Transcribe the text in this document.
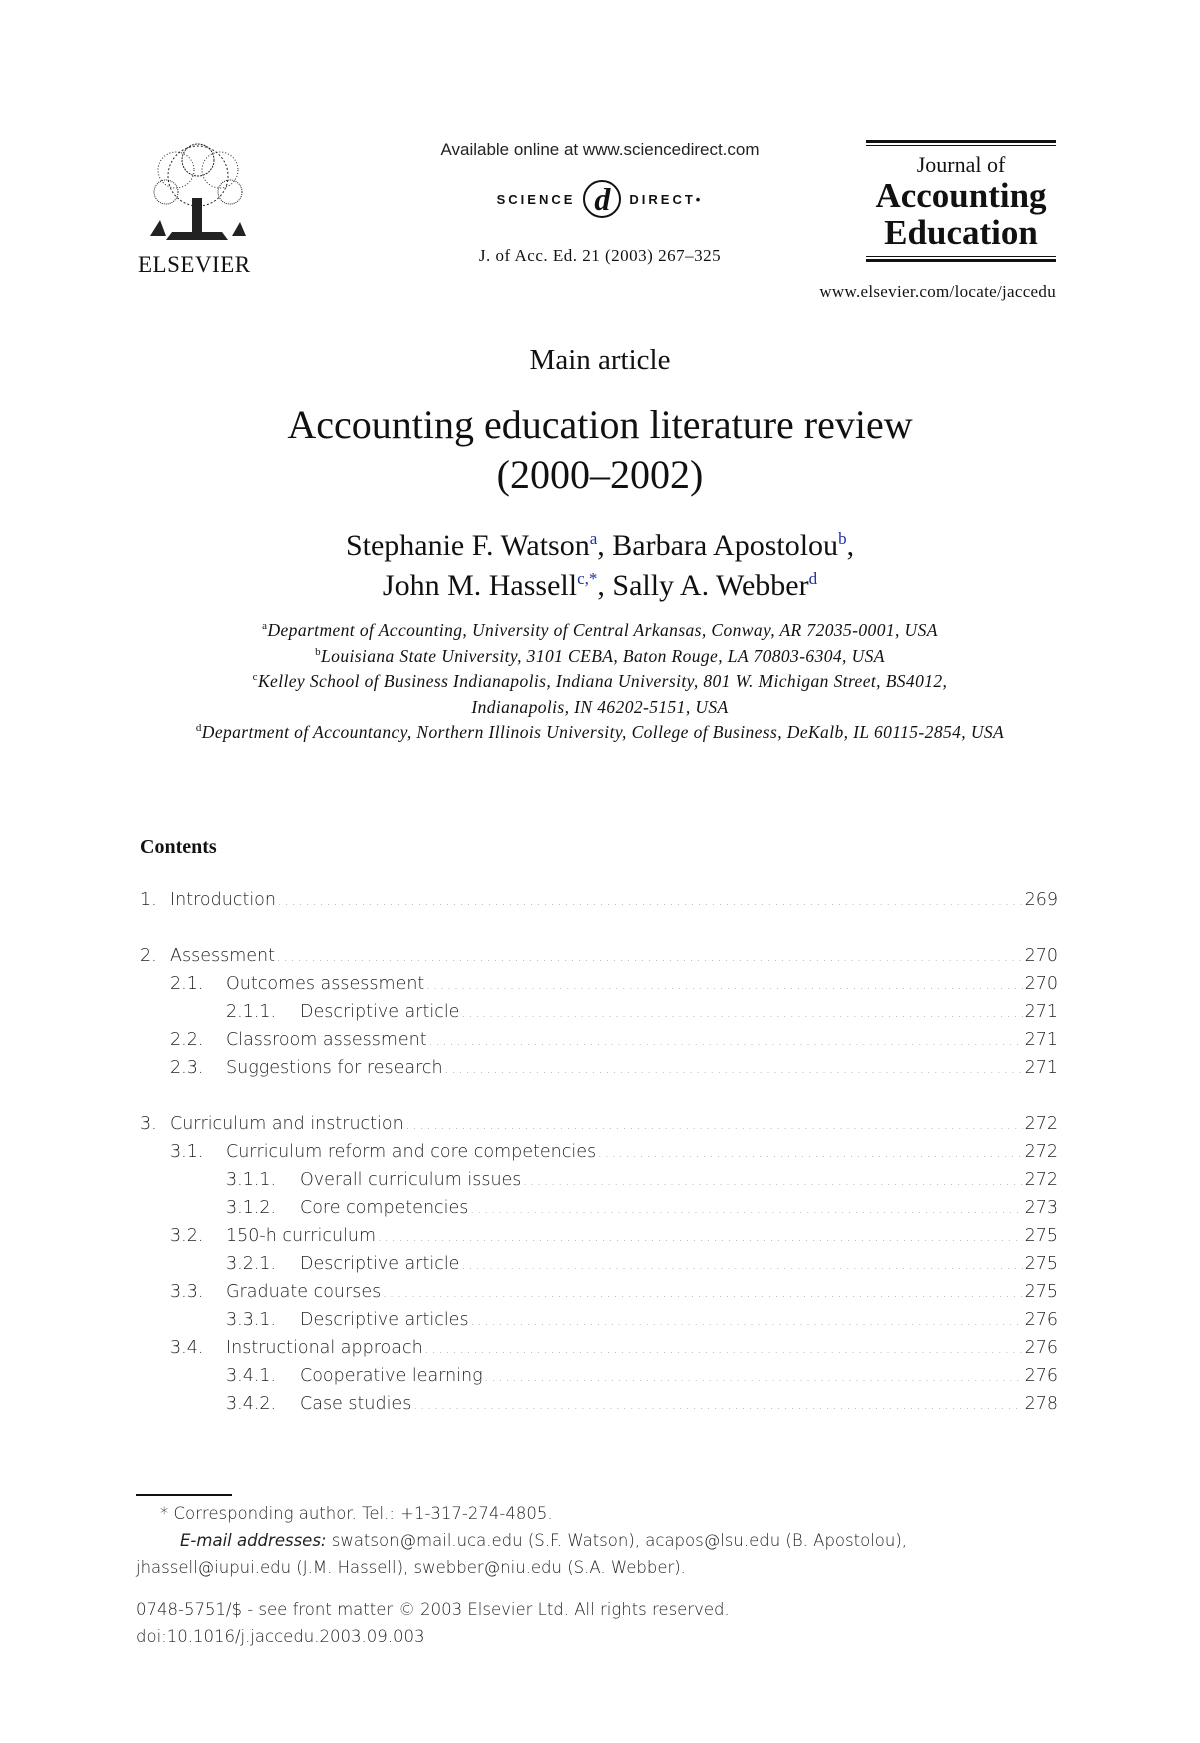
ELSEVIER
Available online at www.sciencedirect.com
SCIENCE d	DIRECT•
J. of Acc. Ed. 21 (2003) 267–325
Journal of
Accounting
Education
www.elsevier.com/locate/jaccedu
Main article
Accounting education literature review
(2000–2002)
Stephanie F. Watson$^a$, Barbara Apostolou$^b$,
John M. Hassell$^{c,*}$, Sally A. Webber$^d$
$^a$Department of Accounting, University of Central Arkansas, Conway, AR 72035-0001, USA
$^b$Louisiana State University, 3101 CEBA, Baton Rouge, LA 70803-6304, USA
$^c$Kelley School of Business Indianapolis, Indiana University, 801 W. Michigan Street, BS4012,
Indianapolis, IN 46202-5151, USA
$^d$Department of Accountancy, Northern Illinois University, College of Business, DeKalb, IL 60115-2854, USA
Contents
1. Introduction . . .	269
2. Assessment . . .	270
2.1.	Outcomes assessment . . .	270
2.1.1.	Descriptive article . . .	271
2.2.	Classroom assessment . . .	271
2.3.	Suggestions for research . . .	271
3. Curriculum and instruction . . .	272
3.1.	Curriculum reform and core competencies . . .	272
3.1.1.	Overall curriculum issues . . .	272
3.1.2.	Core competencies . . .	273
3.2.	150-h curriculum . . .	275
3.2.1.	Descriptive article . . .	275
3.3.	Graduate courses . . .	275
3.3.1.	Descriptive articles . . .	276
3.4.	Instructional approach . . .	276
3.4.1.	Cooperative learning . . .	276
3.4.2.	Case studies . . .	278
* Corresponding author. Tel.: +1-317-274-4805.
E-mail addresses: swatson@mail.uca.edu (S.F. Watson), acapos@lsu.edu (B. Apostolou), jhassell@iupui.edu (J.M. Hassell), swebber@niu.edu (S.A. Webber).
0748-5751/$ - see front matter © 2003 Elsevier Ltd. All rights reserved.
doi:10.1016/j.jaccedu.2003.09.003
